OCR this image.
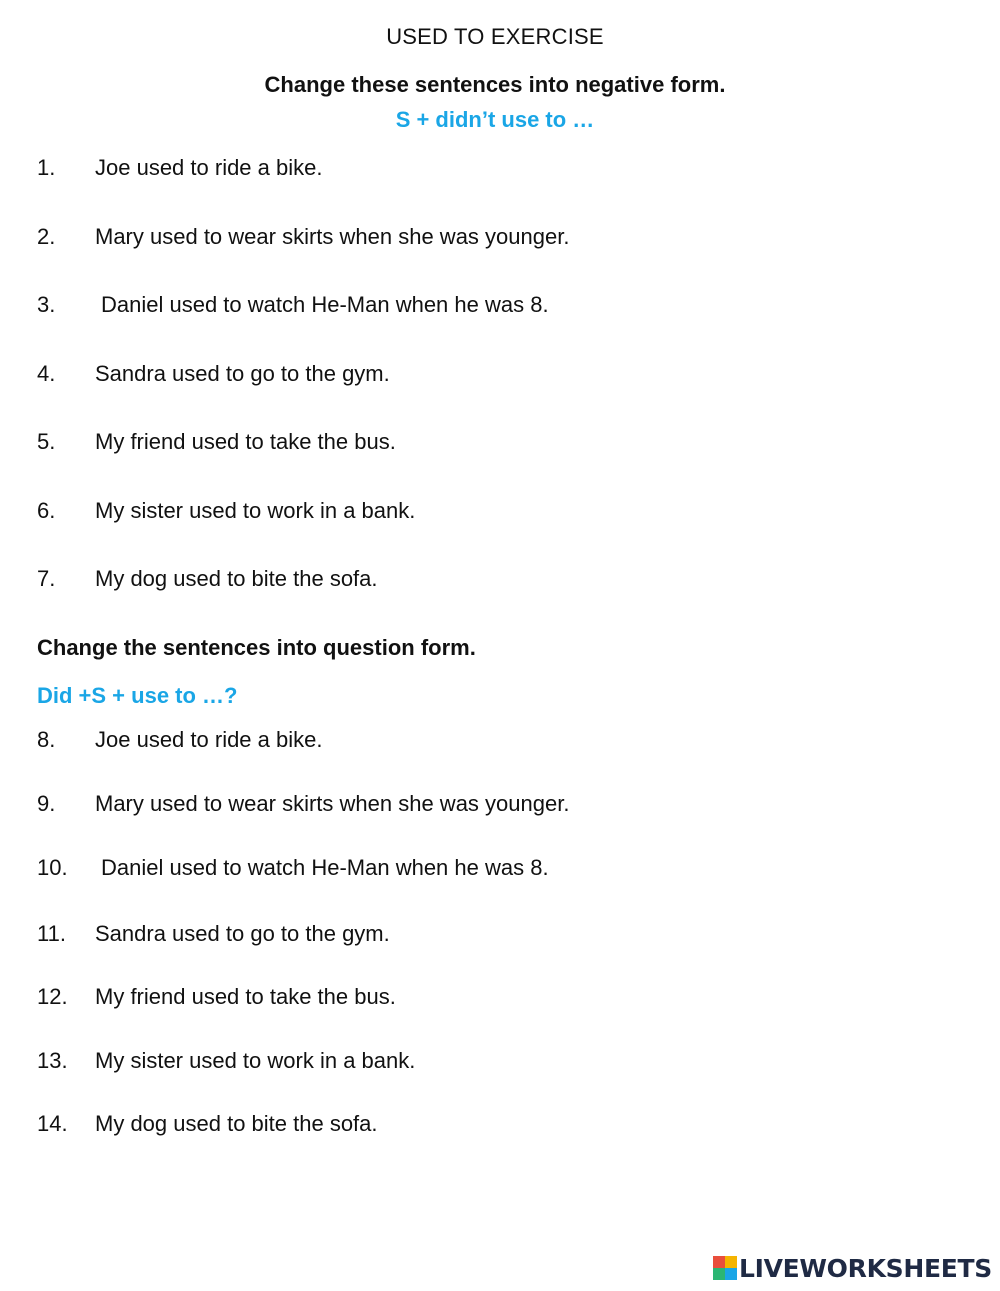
USED TO EXERCISE
Change these sentences into negative form.
S + didn’t use to …
1. Joe used to ride a bike.
2. Mary used to wear skirts when she was younger.
3. Daniel used to watch He-Man when he was 8.
4. Sandra used to go to the gym.
5. My friend used to take the bus.
6. My sister used to work in a bank.
7. My dog used to bite the sofa.
Change the sentences into question form.
Did +S + use to …?
8. Joe used to ride a bike.
9. Mary used to wear skirts when she was younger.
10. Daniel used to watch He-Man when he was 8.
11. Sandra used to go to the gym.
12. My friend used to take the bus.
13. My sister used to work in a bank.
14. My dog used to bite the sofa.
LIVEWORKSHEETS
